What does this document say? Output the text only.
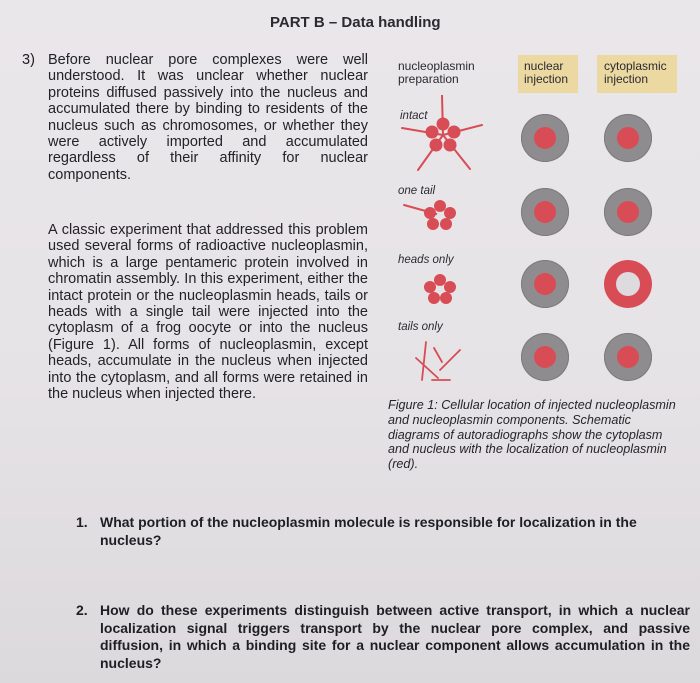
PART B – Data handling
3) Before nuclear pore complexes were well understood. It was unclear whether nuclear proteins diffused passively into the nucleus and accumulated there by binding to residents of the nucleus such as chromosomes, or whether they were actively imported and accumulated regardless of their affinity for nuclear components.
A classic experiment that addressed this problem used several forms of radioactive nucleoplasmin, which is a large pentameric protein involved in chromatin assembly. In this experiment, either the intact protein or the nucleoplasmin heads, tails or heads with a single tail were injected into the cytoplasm of a frog oocyte or into the nucleus (Figure 1). All forms of nucleoplasmin, except heads, accumulate in the nucleus when injected into the cytoplasm, and all forms were retained in the nucleus when injected there.
nucleoplasmin
preparation
nuclear
injection
cytoplasmic
injection
intact
one tail
heads only
tails only
Figure 1: Cellular location of injected nucleoplasmin and nucleoplasmin components. Schematic diagrams of autoradiographs show the cytoplasm and nucleus with the localization of nucleoplasmin (red).
1. What portion of the nucleoplasmin molecule is responsible for localization in the nucleus?
2. How do these experiments distinguish between active transport, in which a nuclear localization signal triggers transport by the nuclear pore complex, and passive diffusion, in which a binding site for a nuclear component allows accumulation in the nucleus?
